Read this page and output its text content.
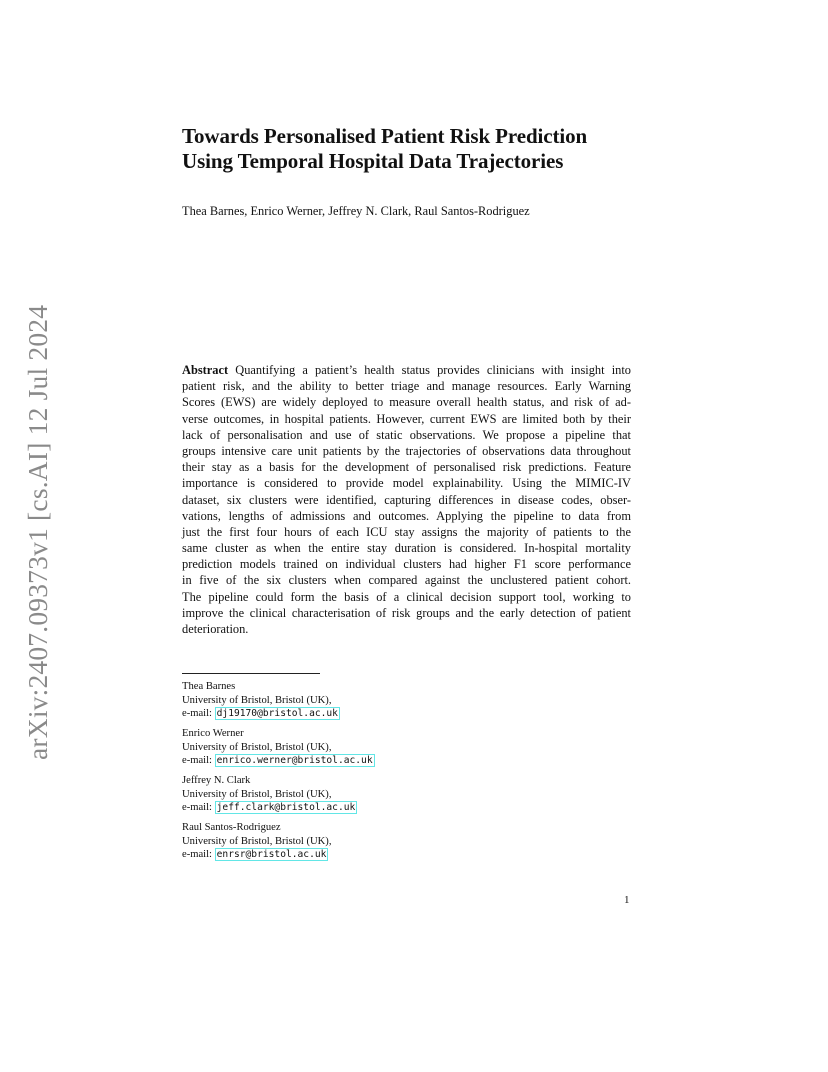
arXiv:2407.09373v1 [cs.AI] 12 Jul 2024
Towards Personalised Patient Risk Prediction
Using Temporal Hospital Data Trajectories
Thea Barnes, Enrico Werner, Jeffrey N. Clark, Raul Santos-Rodriguez
Abstract Quantifying a patient’s health status provides clinicians with insight into
patient risk, and the ability to better triage and manage resources. Early Warning
Scores (EWS) are widely deployed to measure overall health status, and risk of ad-
verse outcomes, in hospital patients. However, current EWS are limited both by their
lack of personalisation and use of static observations. We propose a pipeline that
groups intensive care unit patients by the trajectories of observations data throughout
their stay as a basis for the development of personalised risk predictions. Feature
importance is considered to provide model explainability. Using the MIMIC-IV
dataset, six clusters were identified, capturing differences in disease codes, obser-
vations, lengths of admissions and outcomes. Applying the pipeline to data from
just the first four hours of each ICU stay assigns the majority of patients to the
same cluster as when the entire stay duration is considered. In-hospital mortality
prediction models trained on individual clusters had higher F1 score performance
in five of the six clusters when compared against the unclustered patient cohort.
The pipeline could form the basis of a clinical decision support tool, working to
improve the clinical characterisation of risk groups and the early detection of patient
deterioration.
Thea Barnes
University of Bristol, Bristol (UK),
e-mail: dj19170@bristol.ac.uk
Enrico Werner
University of Bristol, Bristol (UK),
e-mail: enrico.werner@bristol.ac.uk
Jeffrey N. Clark
University of Bristol, Bristol (UK),
e-mail: jeff.clark@bristol.ac.uk
Raul Santos-Rodriguez
University of Bristol, Bristol (UK),
e-mail: enrsr@bristol.ac.uk
1
